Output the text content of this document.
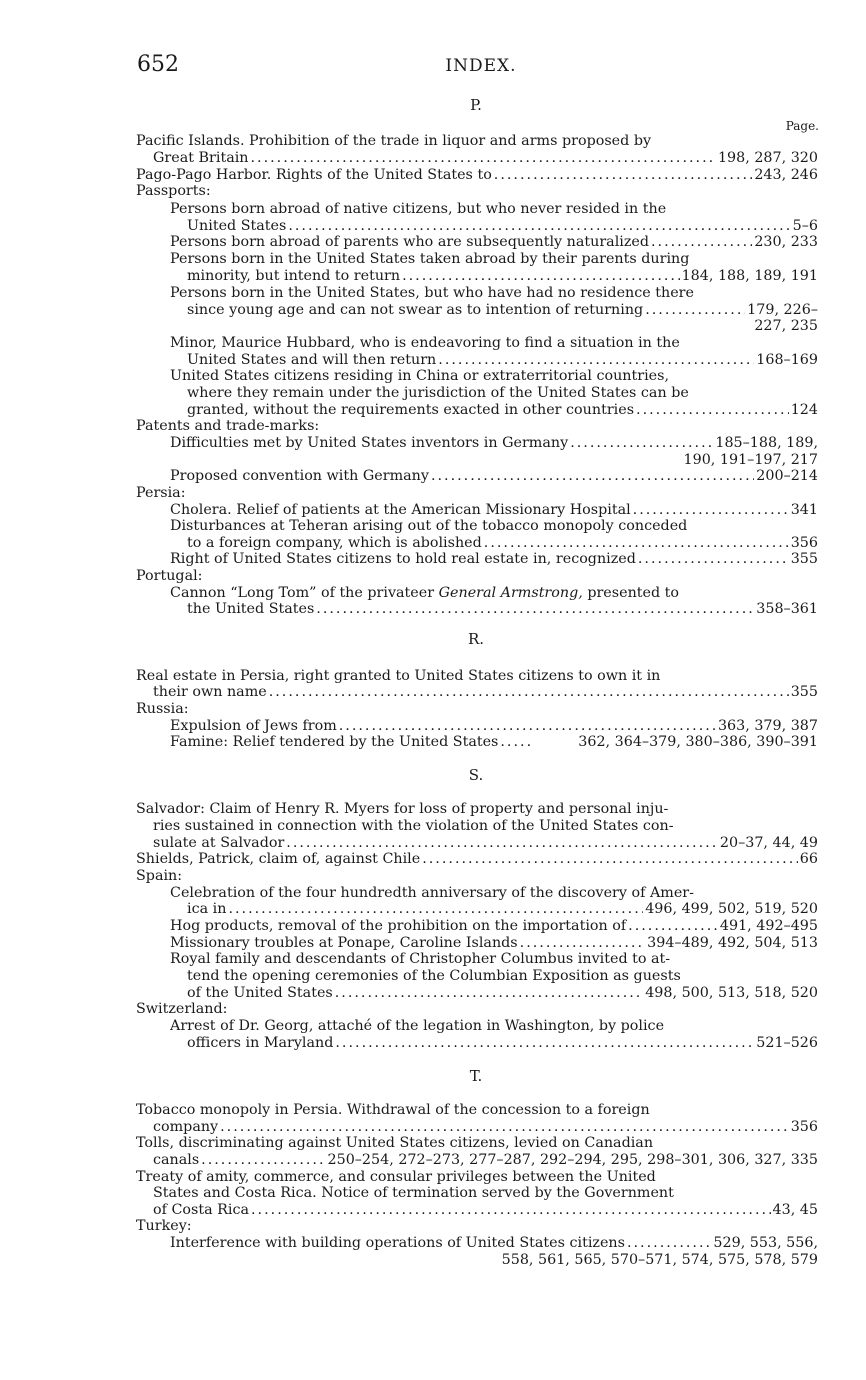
652	INDEX.
P.
Page.
Pacific Islands. Prohibition of the trade in liquor and arms proposed by
Great Britain .....	198, 287, 320
Pago-Pago Harbor. Rights of the United States to .....	243, 246
Passports:
Persons born abroad of native citizens, but who never resided in the
United States .....	5–6
Persons born abroad of parents who are subsequently naturalized .....	230, 233
Persons born in the United States taken abroad by their parents during
minority, but intend to return .....	184, 188, 189, 191
Persons born in the United States, but who have had no residence there
since young age and can not swear as to intention of returning .....	179, 226–
227, 235
Minor, Maurice Hubbard, who is endeavoring to find a situation in the
United States and will then return .....	168–169
United States citizens residing in China or extraterritorial countries,
where they remain under the jurisdiction of the United States can be
granted, without the requirements exacted in other countries .....	124
Patents and trade-marks:
Difficulties met by United States inventors in Germany .....	185–188, 189,
190, 191–197, 217
Proposed convention with Germany .....	200–214
Persia:
Cholera. Relief of patients at the American Missionary Hospital .....	341
Disturbances at Teheran arising out of the tobacco monopoly conceded
to a foreign company, which is abolished .....	356
Right of United States citizens to hold real estate in, recognized .....	355
Portugal:
Cannon “Long Tom” of the privateer General Armstrong, presented to
the United States .....	358–361
R.
Real estate in Persia, right granted to United States citizens to own it in
their own name .....	355
Russia:
Expulsion of Jews from .....	363, 379, 387
Famine: Relief tendered by the United States .....	362, 364–379, 380–386, 390–391
S.
Salvador: Claim of Henry R. Myers for loss of property and personal inju-
ries sustained in connection with the violation of the United States con-
sulate at Salvador .....	20–37, 44, 49
Shields, Patrick, claim of, against Chile .....	66
Spain:
Celebration of the four hundredth anniversary of the discovery of Amer-
ica in .....	496, 499, 502, 519, 520
Hog products, removal of the prohibition on the importation of .....	491, 492–495
Missionary troubles at Ponape, Caroline Islands .....	394–489, 492, 504, 513
Royal family and descendants of Christopher Columbus invited to at-
tend the opening ceremonies of the Columbian Exposition as guests
of the United States .....	498, 500, 513, 518, 520
Switzerland:
Arrest of Dr. Georg, attaché of the legation in Washington, by police
officers in Maryland .....	521–526
T.
Tobacco monopoly in Persia. Withdrawal of the concession to a foreign
company .....	356
Tolls, discriminating against United States citizens, levied on Canadian
canals .....	250–254, 272–273, 277–287, 292–294, 295, 298–301, 306, 327, 335
Treaty of amity, commerce, and consular privileges between the United
States and Costa Rica. Notice of termination served by the Government
of Costa Rica .....	43, 45
Turkey:
Interference with building operations of United States citizens .....	529, 553, 556,
558, 561, 565, 570–571, 574, 575, 578, 579
